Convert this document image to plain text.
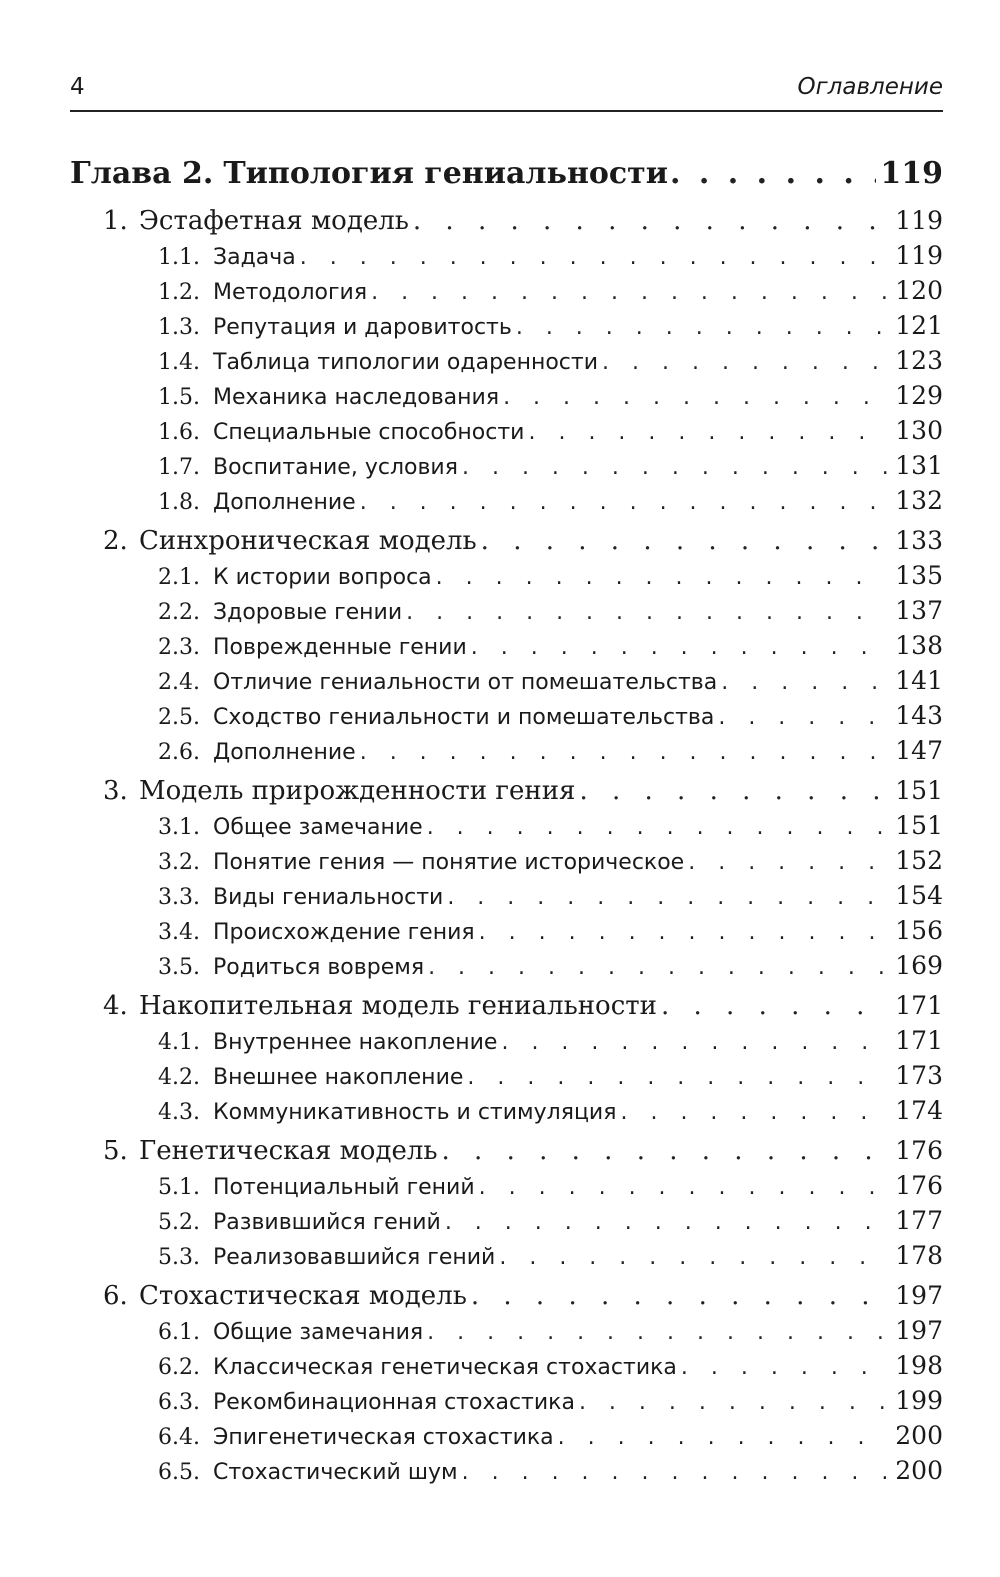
4	Оглавление
Глава 2. Типология гениальности . . .	119
1. Эстафетная модель . . .	119
1.1. Задача . . .	119
1.2. Методология . . .	120
1.3. Репутация и даровитость . . .	121
1.4. Таблица типологии одаренности . . .	123
1.5. Механика наследования . . .	129
1.6. Специальные способности . . .	130
1.7. Воспитание, условия . . .	131
1.8. Дополнение . . .	132
2. Синхроническая модель . . .	133
2.1. К истории вопроса . . .	135
2.2. Здоровые гении . . .	137
2.3. Поврежденные гении . . .	138
2.4. Отличие гениальности от помешательства . . .	141
2.5. Сходство гениальности и помешательства . . .	143
2.6. Дополнение . . .	147
3. Модель прирожденности гения . . .	151
3.1. Общее замечание . . .	151
3.2. Понятие гения — понятие историческое . . .	152
3.3. Виды гениальности . . .	154
3.4. Происхождение гения . . .	156
3.5. Родиться вовремя . . .	169
4. Накопительная модель гениальности . . .	171
4.1. Внутреннее накопление . . .	171
4.2. Внешнее накопление . . .	173
4.3. Коммуникативность и стимуляция . . .	174
5. Генетическая модель . . .	176
5.1. Потенциальный гений . . .	176
5.2. Развившийся гений . . .	177
5.3. Реализовавшийся гений . . .	178
6. Стохастическая модель . . .	197
6.1. Общие замечания . . .	197
6.2. Классическая генетическая стохастика . . .	198
6.3. Рекомбинационная стохастика . . .	199
6.4. Эпигенетическая стохастика . . .	200
6.5. Стохастический шум . . .	200
